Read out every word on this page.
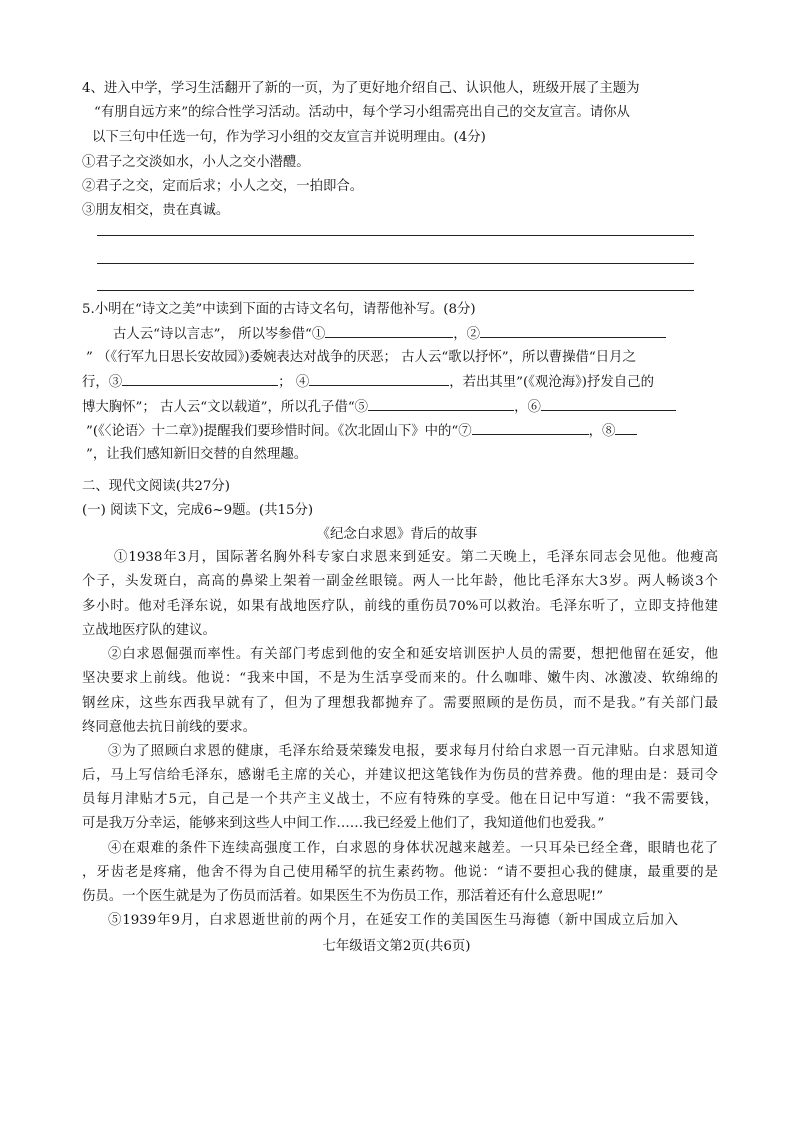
4、进入中学，学习生活翻开了新的一页，为了更好地介绍自己、认识他人，班级开展了主题为
“有朋自远方来”的综合性学习活动。活动中，每个学习小组需亮出自己的交友宣言。请你从
以下三句中任选一句，作为学习小组的交友宣言并说明理由。(4分)
①君子之交淡如水，小人之交小潜醴。
②君子之交，定而后求；小人之交，一拍即合。
③朋友相交，贵在真诚。
5.小明在“诗文之美”中读到下面的古诗文名句，请帮他补写。(8分)
古人云“诗以言志”， 所以岑参借“①	，②
” （《行军九日思长安故园》)委婉表达对战争的厌恶； 古人云“歌以抒怀”，所以曹操借“日月之
行，③	； ④	，若出其里”(《观沧海》)抒发自己的
博大胸怀”； 古人云“文以载道”，所以孔子借“⑤	，⑥
”(《〈论语〉十二章》)提醒我们要珍惜时间。《次北固山下》中的“⑦	，⑧
”，让我们感知新旧交替的自然理趣。
二、现代文阅读(共27分)
(一) 阅读下文，完成6~9题。(共15分)
《纪念白求恩》背后的故事
①1938年3月，国际著名胸外科专家白求恩来到延安。第二天晚上，毛泽东同志会见他。他瘦高
个子，头发斑白，高高的鼻梁上架着一副金丝眼镜。两人一比年龄，他比毛泽东大3岁。两人畅谈3个
多小时。他对毛泽东说，如果有战地医疗队，前线的重伤员70%可以救治。毛泽东听了，立即支持他建
立战地医疗队的建议。
②白求恩倔强而率性。有关部门考虑到他的安全和延安培训医护人员的需要，想把他留在延安，他
坚决要求上前线。他说：“我来中国，不是为生活享受而来的。什么咖啡、嫩牛肉、冰激凌、软绵绵的
钢丝床，这些东西我早就有了，但为了理想我都抛弃了。需要照顾的是伤员，而不是我。”有关部门最
终同意他去抗日前线的要求。
③为了照顾白求恩的健康，毛泽东给聂荣臻发电报，要求每月付给白求恩一百元津贴。白求恩知道
后，马上写信给毛泽东，感谢毛主席的关心，并建议把这笔钱作为伤员的营养费。他的理由是：聂司令
员每月津贴才5元，自己是一个共产主义战士，不应有特殊的享受。他在日记中写道：“我不需要钱，
可是我万分幸运，能够来到这些人中间工作……我已经爱上他们了，我知道他们也爱我。”
④在艰难的条件下连续高强度工作，白求恩的身体状况越来越差。一只耳朵已经全聋，眼睛也花了
，牙齿老是疼痛，他舍不得为自己使用稀罕的抗生素药物。他说：“请不要担心我的健康，最重要的是
伤员。一个医生就是为了伤员而活着。如果医生不为伤员工作，那活着还有什么意思呢!”
⑤1939年9月，白求恩逝世前的两个月，在延安工作的美国医生马海德（新中国成立后加入
七年级语文第2页(共6页)
